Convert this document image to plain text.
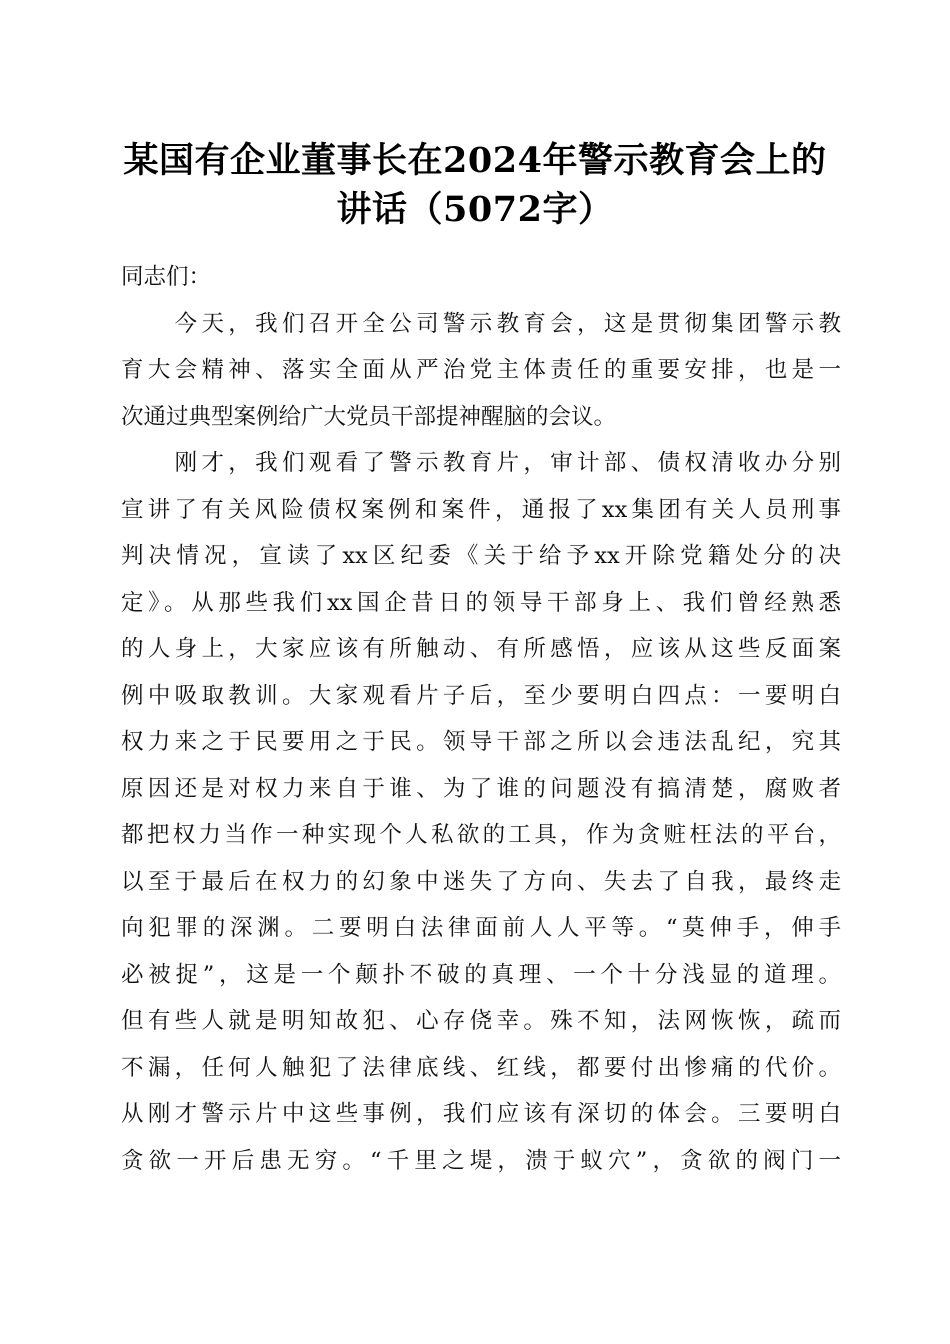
某国有企业董事长在2024年警示教育会上的
讲话（5072字）
同志们：
　　今天，我们召开全公司警示教育会，这是贯彻集团警示教
育大会精神、落实全面从严治党主体责任的重要安排，也是一
次通过典型案例给广大党员干部提神醒脑的会议。
　　刚才，我们观看了警示教育片，审计部、债权清收办分别
宣讲了有关风险债权案例和案件，通报了xx集团有关人员刑事
判决情况，宣读了xx区纪委《关于给予xx开除党籍处分的决
定》。从那些我们xx国企昔日的领导干部身上、我们曾经熟悉
的人身上，大家应该有所触动、有所感悟，应该从这些反面案
例中吸取教训。大家观看片子后，至少要明白四点：一要明白
权力来之于民要用之于民。领导干部之所以会违法乱纪，究其
原因还是对权力来自于谁、为了谁的问题没有搞清楚，腐败者
都把权力当作一种实现个人私欲的工具，作为贪赃枉法的平台，
以至于最后在权力的幻象中迷失了方向、失去了自我，最终走
向犯罪的深渊。二要明白法律面前人人平等。“莫伸手，伸手
必被捉”，这是一个颠扑不破的真理、一个十分浅显的道理。
但有些人就是明知故犯、心存侥幸。殊不知，法网恢恢，疏而
不漏，任何人触犯了法律底线、红线，都要付出惨痛的代价。
从刚才警示片中这些事例，我们应该有深切的体会。三要明白
贪欲一开后患无穷。“千里之堤，溃于蚁穴”，贪欲的阀门一
